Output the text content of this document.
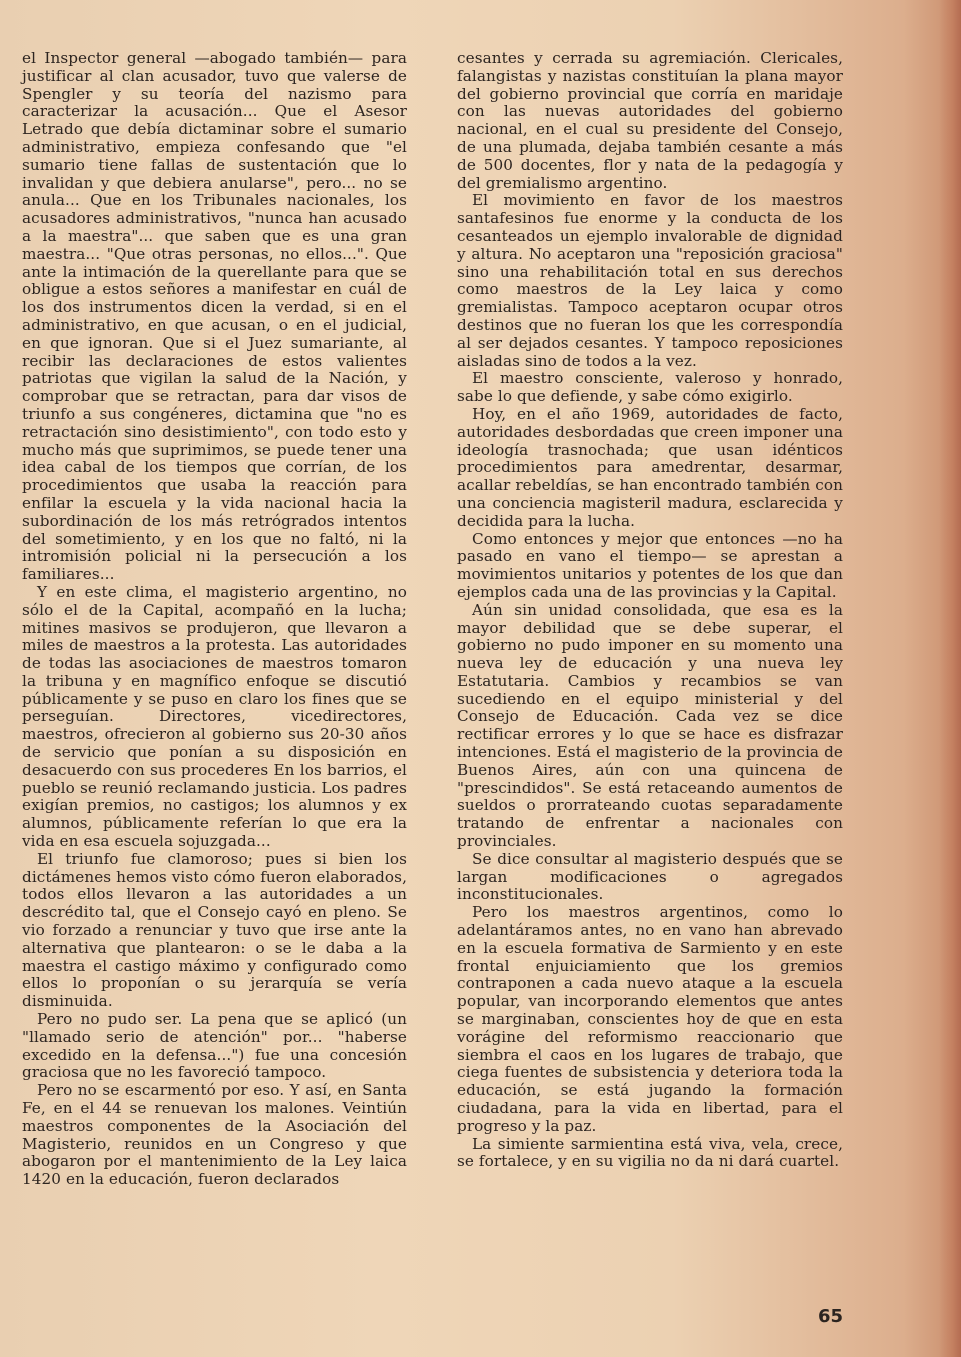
el Inspector general —abogado también— para justificar al clan acusador, tuvo que valerse de Spengler y su teoría del nazismo para caracterizar la acusación... Que el Asesor Letrado que debía dictaminar sobre el sumario administrativo, empieza confesando que "el sumario tiene fallas de sustentación que lo invalidan y que debiera anularse", pero... no se anula... Que en los Tribunales nacionales, los acusadores administrativos, "nunca han acusado a la maestra"... que saben que es una gran maestra... "Que otras personas, no ellos...". Que ante la intimación de la querellante para que se obligue a estos señores a manifestar en cuál de los dos instrumentos dicen la verdad, si en el administrativo, en que acusan, o en el judicial, en que ignoran. Que si el Juez sumariante, al recibir las declaraciones de estos valientes patriotas que vigilan la salud de la Nación, y comprobar que se retractan, para dar visos de triunfo a sus congéneres, dictamina que "no es retractación sino desistimiento", con todo esto y mucho más que suprimimos, se puede tener una idea cabal de los tiempos que corrían, de los procedimientos que usaba la reacción para enfilar la escuela y la vida nacional hacia la subordinación de los más retrógrados intentos del sometimiento, y en los que no faltó, ni la intromisión policial ni la persecución a los familiares...

Y en este clima, el magisterio argentino, no sólo el de la Capital, acompañó en la lucha; mitines masivos se produjeron, que llevaron a miles de maestros a la protesta. Las autoridades de todas las asociaciones de maestros tomaron la tribuna y en magnífico enfoque se discutió públicamente y se puso en claro los fines que se perseguían. Directores, vicedirectores, maestros, ofrecieron al gobierno sus 20-30 años de servicio que ponían a su disposición en desacuerdo con sus procederes En los barrios, el pueblo se reunió reclamando justicia. Los padres exigían premios, no castigos; los alumnos y ex alumnos, públicamente referían lo que era la vida en esa escuela sojuzgada...

El triunfo fue clamoroso; pues si bien los dictámenes hemos visto cómo fueron elaborados, todos ellos llevaron a las autoridades a un descrédito tal, que el Consejo cayó en pleno. Se vio forzado a renunciar y tuvo que irse ante la alternativa que plantearon: o se le daba a la maestra el castigo máximo y configurado como ellos lo proponían o su jerarquía se vería disminuida.

Pero no pudo ser. La pena que se aplicó (un "llamado serio de atención" por... "haberse excedido en la defensa...") fue una concesión graciosa que no les favoreció tampoco.

Pero no se escarmentó por eso. Y así, en Santa Fe, en el 44 se renuevan los malones. Veintiún maestros componentes de la Asociación del Magisterio, reunidos en un Congreso y que abogaron por el mantenimiento de la Ley laica 1420 en la educación, fueron declarados

cesantes y cerrada su agremiación. Clericales, falangistas y nazistas constituían la plana mayor del gobierno provincial que corría en maridaje con las nuevas autoridades del gobierno nacional, en el cual su presidente del Consejo, de una plumada, dejaba también cesante a más de 500 docentes, flor y nata de la pedagogía y del gremialismo argentino.

El movimiento en favor de los maestros santafesinos fue enorme y la conducta de los cesanteados un ejemplo invalorable de dignidad y altura. No aceptaron una "reposición graciosa" sino una rehabilitación total en sus derechos como maestros de la Ley laica y como gremialistas. Tampoco aceptaron ocupar otros destinos que no fueran los que les correspondía al ser dejados cesantes. Y tampoco reposiciones aisladas sino de todos a la vez.

El maestro consciente, valeroso y honrado, sabe lo que defiende, y sabe cómo exigirlo.

Hoy, en el año 1969, autoridades de facto, autoridades desbordadas que creen imponer una ideología trasnochada; que usan idénticos procedimientos para amedrentar, desarmar, acallar rebeldías, se han encontrado también con una conciencia magisteril madura, esclarecida y decidida para la lucha.

Como entonces y mejor que entonces —no ha pasado en vano el tiempo— se aprestan a movimientos unitarios y potentes de los que dan ejemplos cada una de las provincias y la Capital.

Aún sin unidad consolidada, que esa es la mayor debilidad que se debe superar, el gobierno no pudo imponer en su momento una nueva ley de educación y una nueva ley Estatutaria. Cambios y recambios se van sucediendo en el equipo ministerial y del Consejo de Educación. Cada vez se dice rectificar errores y lo que se hace es disfrazar intenciones. Está el magisterio de la provincia de Buenos Aires, aún con una quincena de "prescindidos". Se está retaceando aumentos de sueldos o prorrateando cuotas separadamente tratando de enfrentar a nacionales con provinciales.

Se dice consultar al magisterio después que se largan modificaciones o agregados inconstitucionales.

Pero los maestros argentinos, como lo adelantáramos antes, no en vano han abrevado en la escuela formativa de Sarmiento y en este frontal enjuiciamiento que los gremios contraponen a cada nuevo ataque a la escuela popular, van incorporando elementos que antes se marginaban, conscientes hoy de que en esta vorágine del reformismo reaccionario que siembra el caos en los lugares de trabajo, que ciega fuentes de subsistencia y deteriora toda la educación, se está jugando la formación ciudadana, para la vida en libertad, para el progreso y la paz.

La simiente sarmientina está viva, vela, crece, se fortalece, y en su vigilia no da ni dará cuartel.

65
